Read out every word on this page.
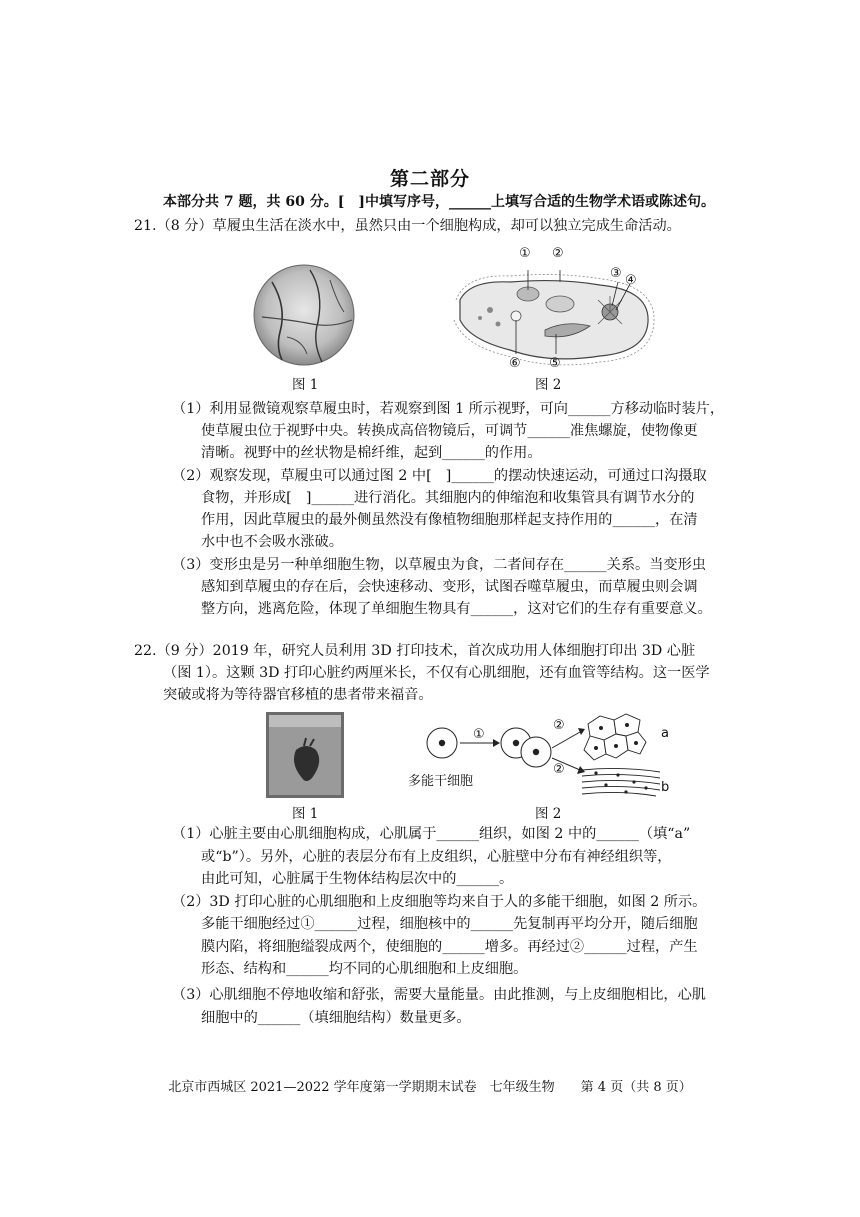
第二部分
本部分共 7 题，共 60 分。[　]中填写序号，______上填写合适的生物学术语或陈述句。
21.（8 分）草履虫生活在淡水中，虽然只由一个细胞构成，却可以独立完成生命活动。
图 1
① ②
③ ④
⑥ ⑤
图 2
（1）利用显微镜观察草履虫时，若观察到图 1 所示视野，可向______方移动临时装片，
使草履虫位于视野中央。转换成高倍物镜后，可调节______准焦螺旋，使物像更
清晰。视野中的丝状物是棉纤维，起到______的作用。
（2）观察发现，草履虫可以通过图 2 中[　]______的摆动快速运动，可通过口沟摄取
食物，并形成[　]______进行消化。其细胞内的伸缩泡和收集管具有调节水分的
作用，因此草履虫的最外侧虽然没有像植物细胞那样起支持作用的______，在清
水中也不会吸水涨破。
（3）变形虫是另一种单细胞生物，以草履虫为食，二者间存在______关系。当变形虫
感知到草履虫的存在后，会快速移动、变形，试图吞噬草履虫，而草履虫则会调
整方向，逃离危险，体现了单细胞生物具有______，这对它们的生存有重要意义。
22.（9 分）2019 年，研究人员利用 3D 打印技术，首次成功用人体细胞打印出 3D 心脏
（图 1）。这颗 3D 打印心脏约两厘米长，不仅有心肌细胞，还有血管等结构。这一医学
突破或将为等待器官移植的患者带来福音。
图 1
多能干细胞
①
②
②
a
b
图 2
（1）心脏主要由心肌细胞构成，心肌属于______组织，如图 2 中的______（填“a”
或“b”）。另外，心脏的表层分布有上皮组织，心脏壁中分布有神经组织等，
由此可知，心脏属于生物体结构层次中的______。
（2）3D 打印心脏的心肌细胞和上皮细胞等均来自于人的多能干细胞，如图 2 所示。
多能干细胞经过①______过程，细胞核中的______先复制再平均分开，随后细胞
膜内陷，将细胞缢裂成两个，使细胞的______增多。再经过②______过程，产生
形态、结构和______均不同的心肌细胞和上皮细胞。
（3）心肌细胞不停地收缩和舒张，需要大量能量。由此推测，与上皮细胞相比，心肌
细胞中的______（填细胞结构）数量更多。
北京市西城区 2021—2022 学年度第一学期期末试卷　七年级生物　　第 4 页（共 8 页）
